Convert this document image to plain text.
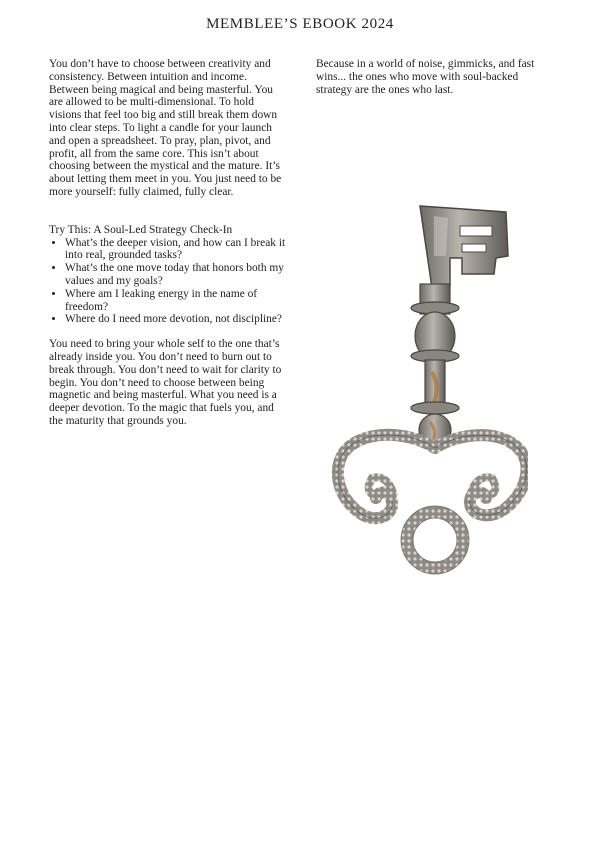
MEMBLEE’S EBOOK 2024

You don’t have to choose between creativity and consistency. Between intuition and income. Between being magical and being masterful. You are allowed to be multi-dimensional. To hold visions that feel too big and still break them down into clear steps. To light a candle for your launch and open a spreadsheet. To pray, plan, pivot, and profit, all from the same core. This isn’t about choosing between the mystical and the mature. It’s about letting them meet in you. You just need to be more yourself: fully claimed, fully clear.

Try This: A Soul-Led Strategy Check-In

• What’s the deeper vision, and how can I break it into real, grounded tasks?
• What’s the one move today that honors both my values and my goals?
• Where am I leaking energy in the name of freedom?
• Where do I need more devotion, not discipline?

You need to bring your whole self to the one that’s already inside you. You don’t need to burn out to break through. You don’t need to wait for clarity to begin. You don’t need to choose between being magnetic and being masterful. What you need is a deeper devotion. To the magic that fuels you, and the maturity that grounds you.

Because in a world of noise, gimmicks, and fast wins... the ones who move with soul-backed strategy are the ones who last.
